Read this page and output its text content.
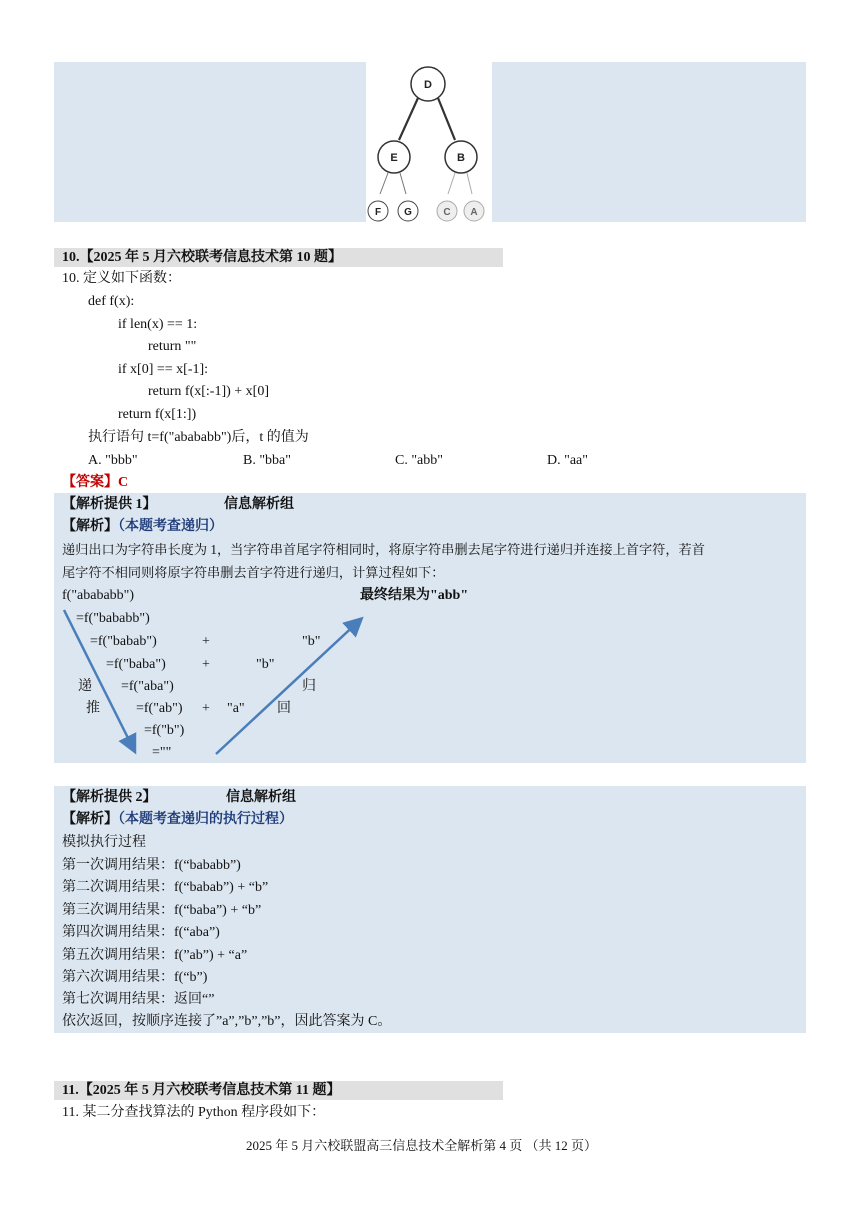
D
E	B
F G	C A
10.【2025 年 5 月六校联考信息技术第 10 题】
10. 定义如下函数：
def f(x):
if len(x) == 1:
return ""
if x[0] == x[-1]:
return f(x[:-1]) + x[0]
return f(x[1:])
执行语句 t=f("abababb")后，t 的值为
A. "bbb"	B. "bba"	C. "abb"	D. "aa"
【答案】C
【解析提供 1】	信息解析组
【解析】（本题考查递归）
递归出口为字符串长度为 1，当字符串首尾字符相同时，将原字符串删去尾字符进行递归并连接上首字符，若首
尾字符不相同则将原字符串删去首字符进行递归，计算过程如下：
f("abababb")	最终结果为"abb"
=f("bababb")
=f("babab")	+	"b"
=f("baba")	+	"b"
递 =f("aba")	归
推	=f("ab") + "a" 回
=f("b")
=""
【解析提供 2】	信息解析组
【解析】（本题考查递归的执行过程）
模拟执行过程
第一次调用结果：f(“bababb”)
第二次调用结果：f(“babab”) + “b”
第三次调用结果：f(“baba”) + “b”
第四次调用结果：f(“aba”)
第五次调用结果：f(”ab”) + “a”
第六次调用结果：f(“b”)
第七次调用结果：返回“”
依次返回，按顺序连接了”a”,”b”,”b”，因此答案为 C。
11.【2025 年 5 月六校联考信息技术第 11 题】
11. 某二分查找算法的 Python 程序段如下：
2025 年 5 月六校联盟高三信息技术全解析第 4 页 （共 12 页）
